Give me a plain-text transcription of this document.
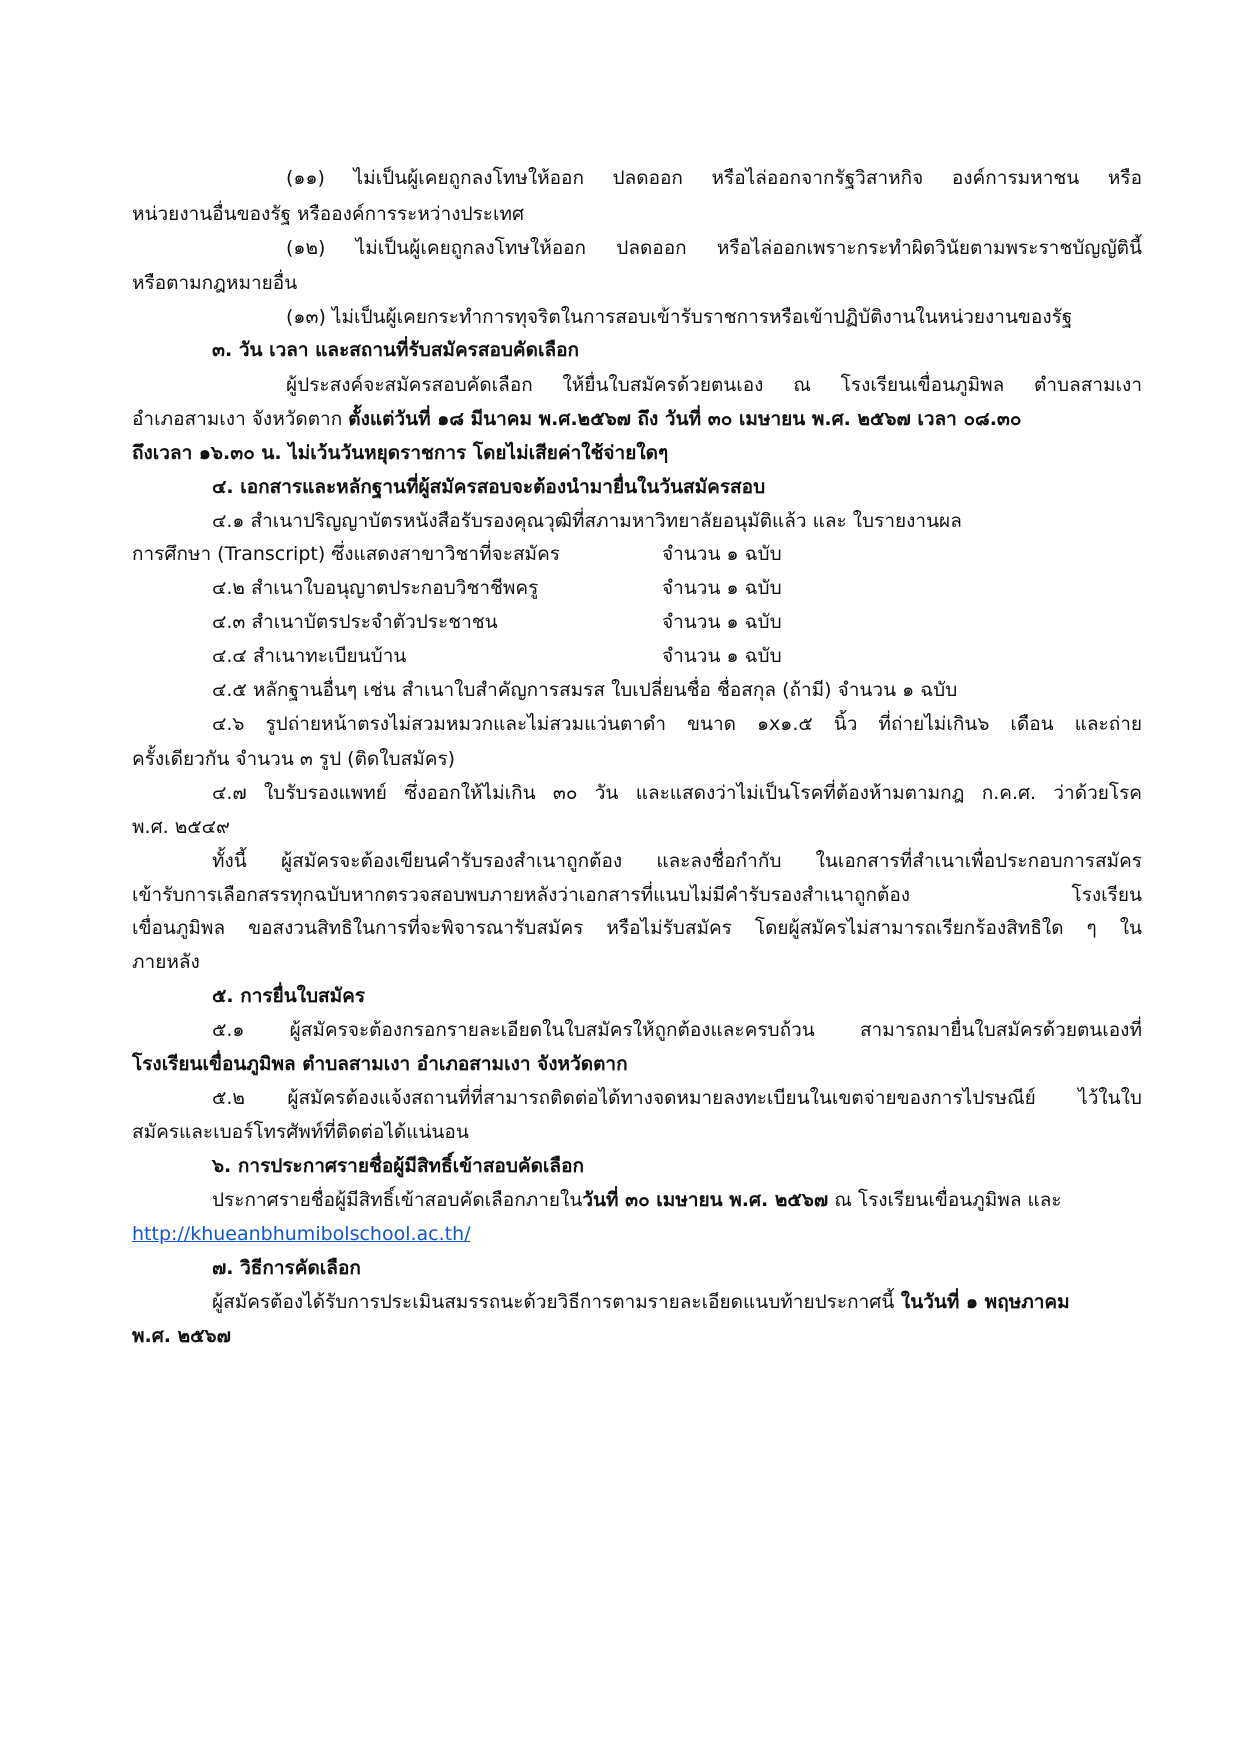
(๑๑) ไม่เป็นผู้เคยถูกลงโทษให้ออก ปลดออก หรือไล่ออกจากรัฐวิสาหกิจ องค์การมหาชน หรือ
หน่วยงานอื่นของรัฐ หรือองค์การระหว่างประเทศ
(๑๒) ไม่เป็นผู้เคยถูกลงโทษให้ออก ปลดออก หรือไล่ออกเพราะกระทำผิดวินัยตามพระราชบัญญัตินี้
หรือตามกฎหมายอื่น
(๑๓) ไม่เป็นผู้เคยกระทำการทุจริตในการสอบเข้ารับราชการหรือเข้าปฏิบัติงานในหน่วยงานของรัฐ
๓. วัน เวลา และสถานที่รับสมัครสอบคัดเลือก
ผู้ประสงค์จะสมัครสอบคัดเลือก ให้ยื่นใบสมัครด้วยตนเอง ณ โรงเรียนเขื่อนภูมิพล ตำบลสามเงา
อำเภอสามเงา จังหวัดตาก ตั้งแต่วันที่ ๑๘ มีนาคม พ.ศ.๒๕๖๗ ถึง วันที่ ๓๐ เมษายน พ.ศ. ๒๕๖๗ เวลา ๐๘.๓๐
ถึงเวลา ๑๖.๓๐ น. ไม่เว้นวันหยุดราชการ โดยไม่เสียค่าใช้จ่ายใดๆ
๔. เอกสารและหลักฐานที่ผู้สมัครสอบจะต้องนำมายื่นในวันสมัครสอบ
๔.๑ สำเนาปริญญาบัตรหนังสือรับรองคุณวุฒิที่สภามหาวิทยาลัยอนุมัติแล้ว และ ใบรายงานผล
การศึกษา (Transcript) ซึ่งแสดงสาขาวิชาที่จะสมัคร	จำนวน ๑ ฉบับ
๔.๒ สำเนาใบอนุญาตประกอบวิชาชีพครู	จำนวน ๑ ฉบับ
๔.๓ สำเนาบัตรประจำตัวประชาชน	จำนวน ๑ ฉบับ
๔.๔ สำเนาทะเบียนบ้าน	จำนวน ๑ ฉบับ
๔.๕ หลักฐานอื่นๆ เช่น สำเนาใบสำคัญการสมรส ใบเปลี่ยนชื่อ ชื่อสกุล (ถ้ามี) จำนวน ๑ ฉบับ
๔.๖ รูปถ่ายหน้าตรงไม่สวมหมวกและไม่สวมแว่นตาดำ ขนาด ๑x๑.๕ นิ้ว ที่ถ่ายไม่เกิน๖ เดือน และถ่าย
ครั้งเดียวกัน จำนวน ๓ รูป (ติดใบสมัคร)
๔.๗ ใบรับรองแพทย์ ซึ่งออกให้ไม่เกิน ๓๐ วัน และแสดงว่าไม่เป็นโรคที่ต้องห้ามตามกฎ ก.ค.ศ. ว่าด้วยโรค
พ.ศ. ๒๕๔๙
ทั้งนี้ ผู้สมัครจะต้องเขียนคำรับรองสำเนาถูกต้อง และลงชื่อกำกับ ในเอกสารที่สำเนาเพื่อประกอบการสมัคร
เข้ารับการเลือกสรรทุกฉบับหากตรวจสอบพบภายหลังว่าเอกสารที่แนบไม่มีคำรับรองสำเนาถูกต้อง โรงเรียน
เขื่อนภูมิพล ขอสงวนสิทธิในการที่จะพิจารณารับสมัคร หรือไม่รับสมัคร โดยผู้สมัครไม่สามารถเรียกร้องสิทธิใด ๆ ใน
ภายหลัง
๕. การยื่นใบสมัคร
๕.๑ ผู้สมัครจะต้องกรอกรายละเอียดในใบสมัครให้ถูกต้องและครบถ้วน สามารถมายื่นใบสมัครด้วยตนเองที่
โรงเรียนเขื่อนภูมิพล ตำบลสามเงา อำเภอสามเงา จังหวัดตาก
๕.๒ ผู้สมัครต้องแจ้งสถานที่ที่สามารถติดต่อได้ทางจดหมายลงทะเบียนในเขตจ่ายของการไปรษณีย์ ไว้ในใบ
สมัครและเบอร์โทรศัพท์ที่ติดต่อได้แน่นอน
๖. การประกาศรายชื่อผู้มีสิทธิ์เข้าสอบคัดเลือก
ประกาศรายชื่อผู้มีสิทธิ์เข้าสอบคัดเลือกภายในวันที่ ๓๐ เมษายน พ.ศ. ๒๕๖๗ ณ โรงเรียนเขื่อนภูมิพล และ
http://khueanbhumibolschool.ac.th/
๗. วิธีการคัดเลือก
ผู้สมัครต้องได้รับการประเมินสมรรถนะด้วยวิธีการตามรายละเอียดแนบท้ายประกาศนี้ ในวันที่ ๑ พฤษภาคม
พ.ศ. ๒๕๖๗
